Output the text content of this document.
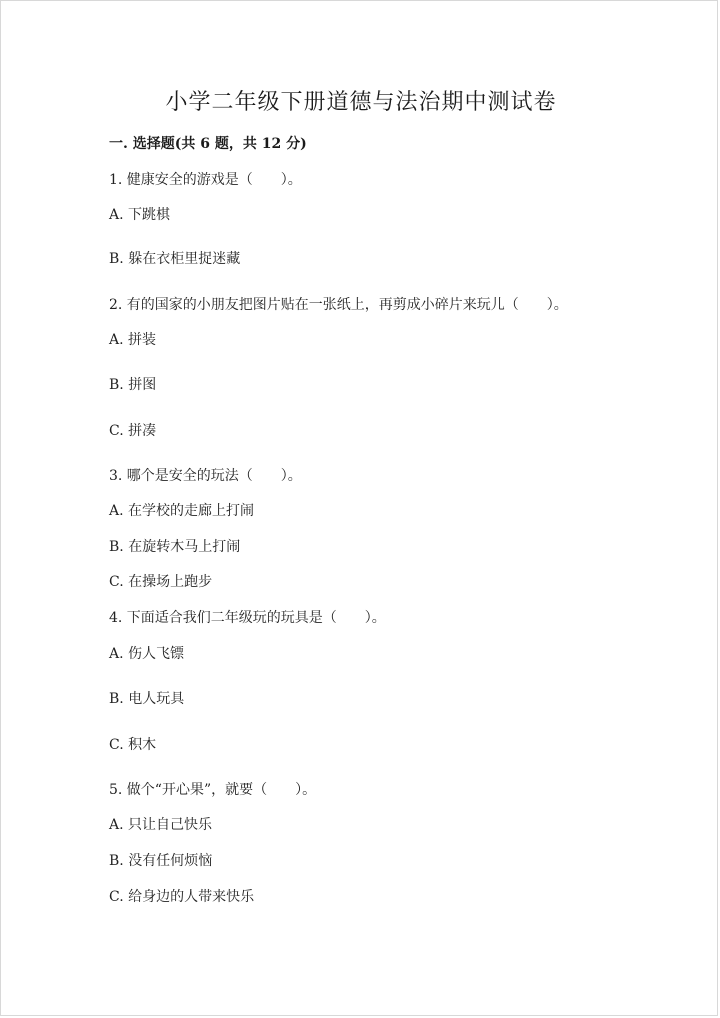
小学二年级下册道德与法治期中测试卷
一. 选择题(共 6 题，共 12 分)
1. 健康安全的游戏是（　　）。
A. 下跳棋
B. 躲在衣柜里捉迷藏
2. 有的国家的小朋友把图片贴在一张纸上，再剪成小碎片来玩儿（　　）。
A. 拼装
B. 拼图
C. 拼凑
3. 哪个是安全的玩法（　　）。
A. 在学校的走廊上打闹
B. 在旋转木马上打闹
C. 在操场上跑步
4. 下面适合我们二年级玩的玩具是（　　）。
A. 伤人飞镖
B. 电人玩具
C. 积木
5. 做个“开心果”，就要（　　）。
A. 只让自己快乐
B. 没有任何烦恼
C. 给身边的人带来快乐
